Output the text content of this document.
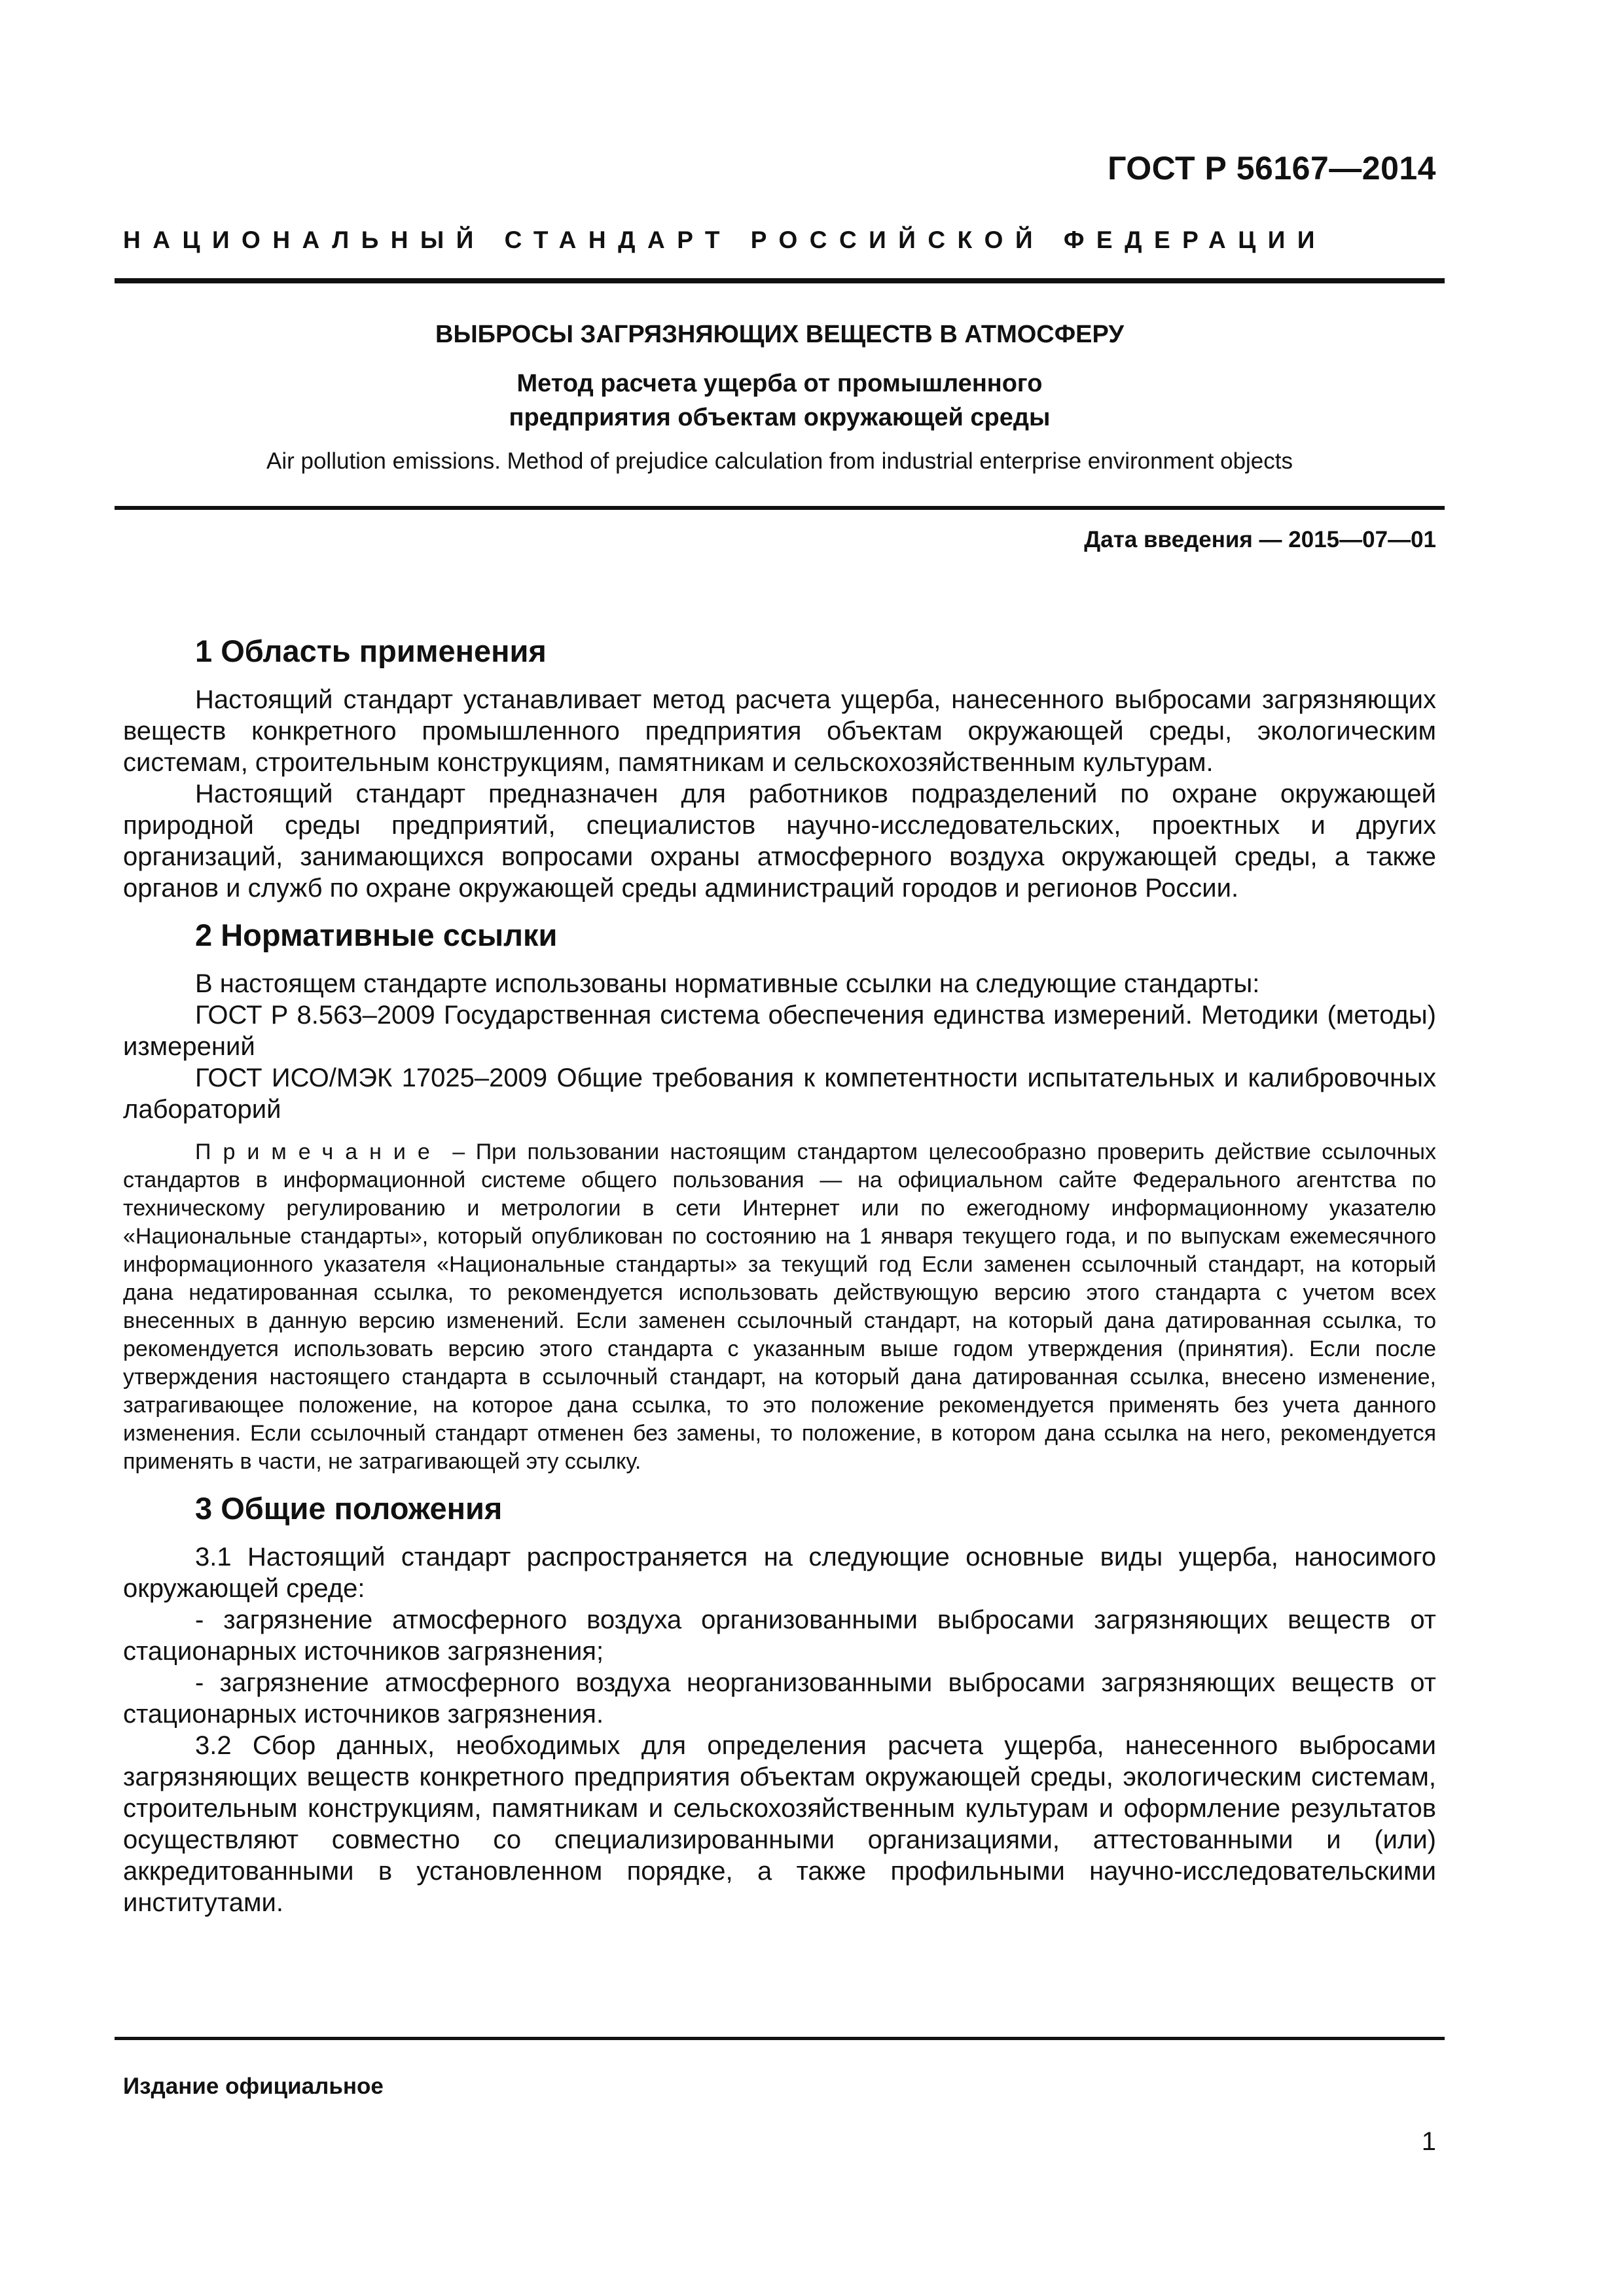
ГОСТ Р 56167—2014
НАЦИОНАЛЬНЫЙ СТАНДАРТ РОССИЙСКОЙ ФЕДЕРАЦИИ
ВЫБРОСЫ ЗАГРЯЗНЯЮЩИХ ВЕЩЕСТВ В АТМОСФЕРУ
Метод расчета ущерба от промышленного
предприятия объектам окружающей среды
Air pollution emissions. Method of prejudice calculation from industrial enterprise environment objects
Дата введения — 2015—07—01
1 Область применения

Настоящий стандарт устанавливает метод расчета ущерба, нанесенного выбросами загрязняющих веществ конкретного промышленного предприятия объектам окружающей среды, экологическим системам, строительным конструкциям, памятникам и сельскохозяйственным культурам.

Настоящий стандарт предназначен для работников подразделений по охране окружающей природной среды предприятий, специалистов научно-исследовательских, проектных и других организаций, занимающихся вопросами охраны атмосферного воздуха окружающей среды, а также органов и служб по охране окружающей среды администраций городов и регионов России.

2 Нормативные ссылки

В настоящем стандарте использованы нормативные ссылки на следующие стандарты:

ГОСТ Р 8.563–2009 Государственная система обеспечения единства измерений. Методики (методы) измерений

ГОСТ ИСО/МЭК 17025–2009 Общие требования к компетентности испытательных и калибровочных лабораторий

Примечание – При пользовании настоящим стандартом целесообразно проверить действие ссылочных стандартов в информационной системе общего пользования — на официальном сайте Федерального агентства по техническому регулированию и метрологии в сети Интернет или по ежегодному информационному указателю «Национальные стандарты», который опубликован по состоянию на 1 января текущего года, и по выпускам ежемесячного информационного указателя «Национальные стандарты» за текущий год Если заменен ссылочный стандарт, на который дана недатированная ссылка, то рекомендуется использовать действующую версию этого стандарта с учетом всех внесенных в данную версию изменений. Если заменен ссылочный стандарт, на который дана датированная ссылка, то рекомендуется использовать версию этого стандарта с указанным выше годом утверждения (принятия). Если после утверждения настоящего стандарта в ссылочный стандарт, на который дана датированная ссылка, внесено изменение, затрагивающее положение, на которое дана ссылка, то это положение рекомендуется применять без учета данного изменения. Если ссылочный стандарт отменен без замены, то положение, в котором дана ссылка на него, рекомендуется применять в части, не затрагивающей эту ссылку.

3 Общие положения

3.1 Настоящий стандарт распространяется на следующие основные виды ущерба, наносимого окружающей среде:

- загрязнение атмосферного воздуха организованными выбросами загрязняющих веществ от стационарных источников загрязнения;

- загрязнение атмосферного воздуха неорганизованными выбросами загрязняющих веществ от стационарных источников загрязнения.

3.2 Сбор данных, необходимых для определения расчета ущерба, нанесенного выбросами загрязняющих веществ конкретного предприятия объектам окружающей среды, экологическим системам, строительным конструкциям, памятникам и сельскохозяйственным культурам и оформление результатов осуществляют совместно со специализированными организациями, аттестованными и (или) аккредитованными в установленном порядке, а также профильными научно-исследовательскими институтами.

Издание официальное
1
